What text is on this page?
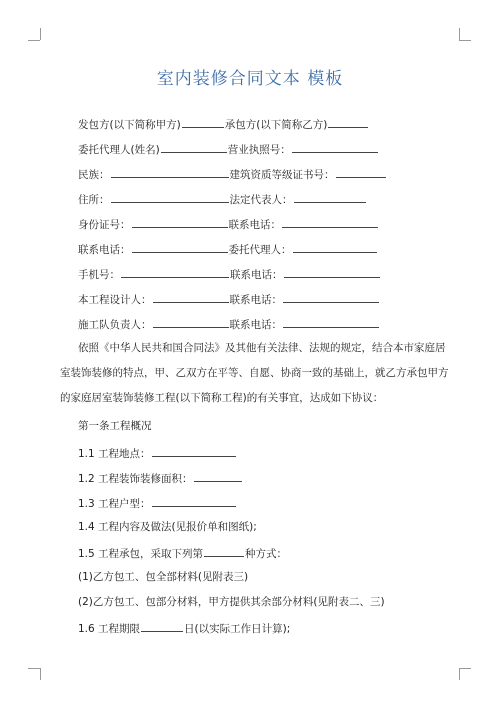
室内装修合同文本 模板
发包方(以下简称甲方)	承包方(以下简称乙方)
委托代理人(姓名)	营业执照号：
民族：	建筑资质等级证书号：
住所：	法定代表人：
身份证号：	联系电话：
联系电话：	委托代理人：
手机号：	联系电话：
本工程设计人：	联系电话：
施工队负责人：	联系电话：
依照《中华人民共和国合同法》及其他有关法律、法规的规定，结合本市家庭居
室装饰装修的特点，甲、乙双方在平等、自愿、协商一致的基础上，就乙方承包甲方
的家庭居室装饰装修工程(以下简称工程)的有关事宜，达成如下协议：
第一条工程概况
1.1 工程地点：
1.2 工程装饰装修面积：
1.3 工程户型：
1.4 工程内容及做法(见报价单和图纸);
1.5 工程承包，采取下列第	种方式：
(1)乙方包工、包全部材料(见附表三)
(2)乙方包工、包部分材料，甲方提供其余部分材料(见附表二、三)
1.6 工程期限	日(以实际工作日计算);
